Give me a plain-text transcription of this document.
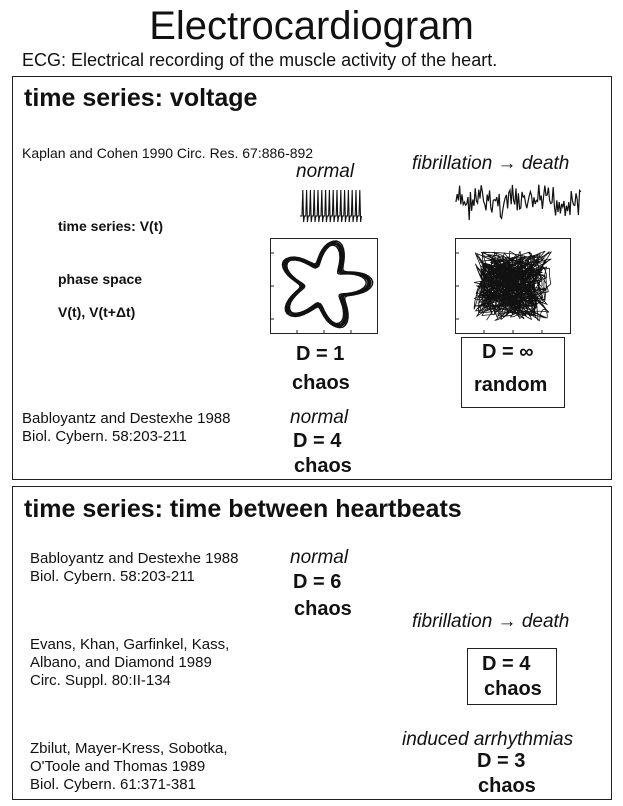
Electrocardiogram
ECG: Electrical recording of the muscle activity of the heart.
time series: voltage
Kaplan and Cohen 1990 Circ. Res. 67:886-892
normal	fibrillation → death
time series: V(t)
phase space
V(t), V(t+Δt)
D = 1
chaos
D = ∞
random
Babloyantz and Destexhe 1988
Biol. Cybern. 58:203-211
normal
D = 4
chaos
time series: time between heartbeats
Babloyantz and Destexhe 1988
Biol. Cybern. 58:203-211
normal
D = 6
chaos
Evans, Khan, Garfinkel, Kass,
Albano, and Diamond 1989
Circ. Suppl. 80:II-134
fibrillation → death
D = 4
chaos
Zbilut, Mayer-Kress, Sobotka,
O'Toole and Thomas 1989
Biol. Cybern. 61:371-381
induced arrhythmias
D = 3
chaos
